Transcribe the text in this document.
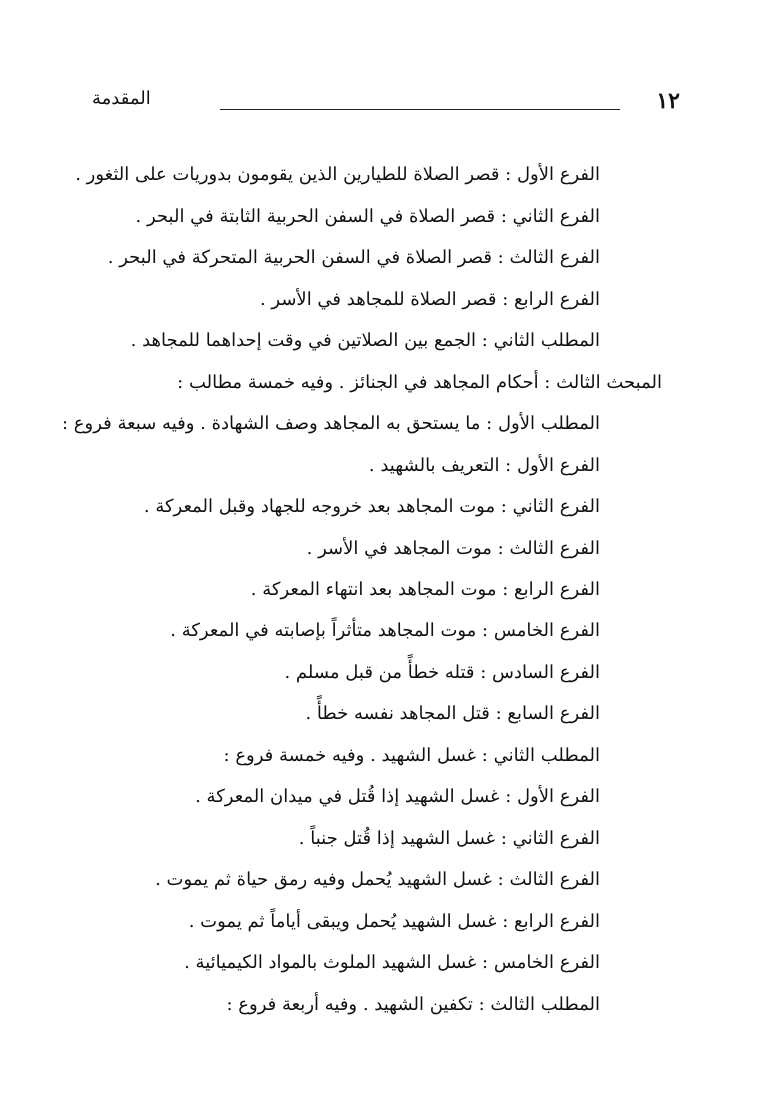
١٢
المقدمة
الفرع الأول : قصر الصلاة للطيارين الذين يقومون بدوريات على الثغور .
الفرع الثاني : قصر الصلاة في السفن الحربية الثابتة في البحر .
الفرع الثالث : قصر الصلاة في السفن الحربية المتحركة في البحر .
الفرع الرابع : قصر الصلاة للمجاهد في الأسر .
المطلب الثاني : الجمع بين الصلاتين في وقت إحداهما للمجاهد .
المبحث الثالث : أحكام المجاهد في الجنائز . وفيه خمسة مطالب :
المطلب الأول : ما يستحق به المجاهد وصف الشهادة . وفيه سبعة فروع :
الفرع الأول : التعريف بالشهيد .
الفرع الثاني : موت المجاهد بعد خروجه للجهاد وقبل المعركة .
الفرع الثالث : موت المجاهد في الأسر .
الفرع الرابع : موت المجاهد بعد انتهاء المعركة .
الفرع الخامس : موت المجاهد متأثراً بإصابته في المعركة .
الفرع السادس : قتله خطأً من قبل مسلم .
الفرع السابع : قتل المجاهد نفسه خطأً .
المطلب الثاني : غسل الشهيد . وفيه خمسة فروع :
الفرع الأول : غسل الشهيد إذا قُتل في ميدان المعركة .
الفرع الثاني : غسل الشهيد إذا قُتل جنباً .
الفرع الثالث : غسل الشهيد يُحمل وفيه رمق حياة ثم يموت .
الفرع الرابع : غسل الشهيد يُحمل ويبقى أياماً ثم يموت .
الفرع الخامس : غسل الشهيد الملوث بالمواد الكيميائية .
المطلب الثالث : تكفين الشهيد . وفيه أربعة فروع :
